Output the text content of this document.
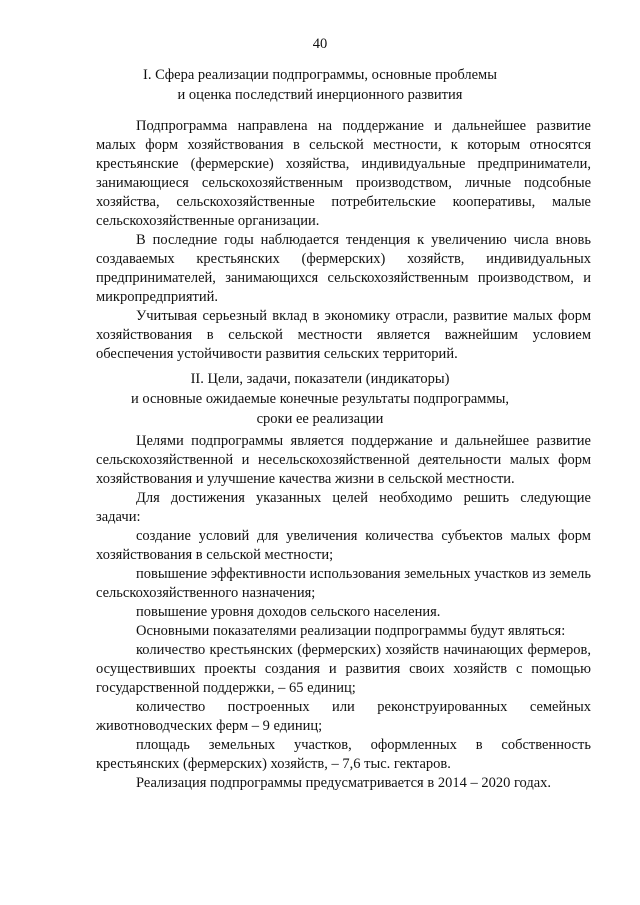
40
I. Сфера реализации подпрограммы, основные проблемы
и оценка последствий инерционного развития

Подпрограмма направлена на поддержание и дальнейшее развитие малых форм хозяйствования в сельской местности, к которым относятся крестьянские (фермерские) хозяйства, индивидуальные предприниматели, занимающиеся сельскохозяйственным производством, личные подсобные хозяйства, сельскохозяйственные потребительские кооперативы, малые сельскохозяйственные организации.

В последние годы наблюдается тенденция к увеличению числа вновь создаваемых крестьянских (фермерских) хозяйств, индивидуальных предпринимателей, занимающихся сельскохозяйственным производством, и микропредприятий.

Учитывая серьезный вклад в экономику отрасли, развитие малых форм хозяйствования в сельской местности является важнейшим условием обеспечения устойчивости развития сельских территорий.

II. Цели, задачи, показатели (индикаторы)
и основные ожидаемые конечные результаты подпрограммы,
сроки ее реализации

Целями подпрограммы является поддержание и дальнейшее развитие сельскохозяйственной и несельскохозяйственной деятельности малых форм хозяйствования и улучшение качества жизни в сельской местности.

Для достижения указанных целей необходимо решить следующие задачи:

создание условий для увеличения количества субъектов малых форм хозяйствования в сельской местности;

повышение эффективности использования земельных участков из земель сельскохозяйственного назначения;

повышение уровня доходов сельского населения.

Основными показателями реализации подпрограммы будут являться:

количество крестьянских (фермерских) хозяйств начинающих фермеров, осуществивших проекты создания и развития своих хозяйств с помощью государственной поддержки, – 65 единиц;

количество построенных или реконструированных семейных животноводческих ферм – 9 единиц;

площадь земельных участков, оформленных в собственность крестьянских (фермерских) хозяйств, – 7,6 тыс. гектаров.

Реализация подпрограммы предусматривается в 2014 – 2020 годах.
